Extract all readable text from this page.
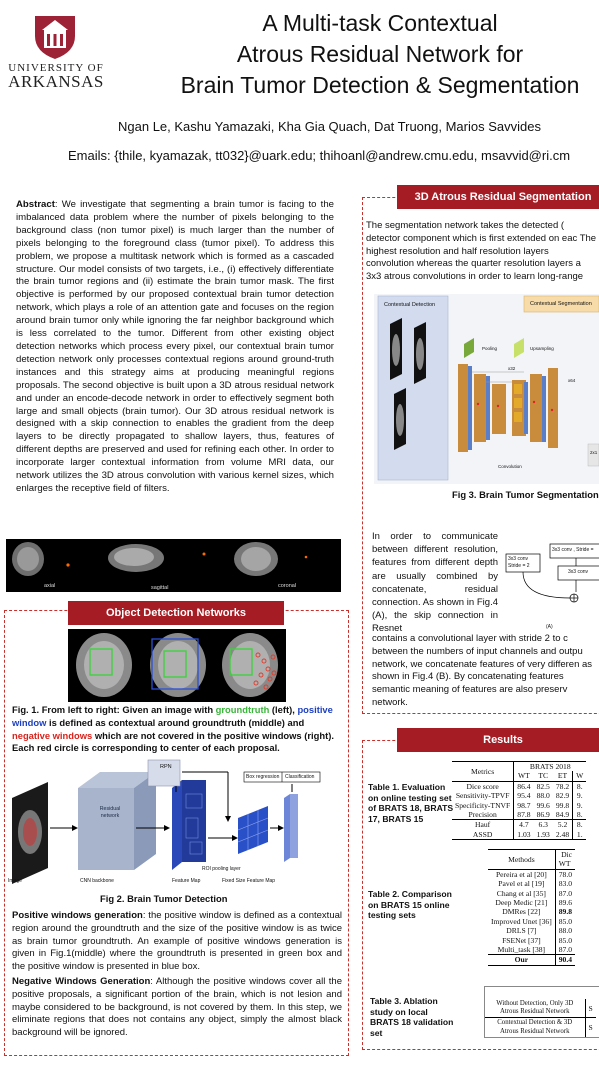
UNIVERSITY OF
ARKANSAS
A Multi-task Contextual
Atrous Residual Network for
Brain Tumor Detection & Segmentation
Ngan Le, Kashu Yamazaki, Kha Gia Quach, Dat Truong, Marios Savvides
Emails: {thile, kyamazak, tt032}@uark.edu; thihoanl@andrew.cmu.edu, msavvid@ri.cm
Abstract: We investigate that segmenting a brain tumor is facing to the imbalanced data problem where the number of pixels belonging to the background class (non tumor pixel) is much larger than the number of pixels belonging to the foreground class (tumor pixel). To address this problem, we propose a multitask network which is formed as a cascaded structure. Our model consists of two targets, i.e., (i) effectively differentiate the brain tumor regions and (ii) estimate the brain tumor mask. The first objective is performed by our proposed contextual brain tumor detection network, which plays a role of an attention gate and focuses on the region around brain tumor only while ignoring the far neighbor background which is less correlated to the tumor. Different from other existing object detection networks which process every pixel, our contextual brain tumor detection network only processes contextual regions around ground-truth instances and this strategy aims at producing meaningful regions proposals. The second objective is built upon a 3D atrous residual network and under an encode-decode network in order to effectively segment both large and small objects (brain tumor). Our 3D atrous residual network is designed with a skip connection to enables the gradient from the deep layers to be directly propagated to shallow layers, thus, features of different depths are preserved and used for refining each other. In order to incorporate larger contextual information from volume MRI data, our network utilizes the 3D atrous convolution with various kernel sizes, which enlarges the receptive field of filters.
axial	sagittal	coronal
Object Detection Networks
Fig. 1. From left to right: Given an image with groundtruth (left), positive window is defined as contextual around groundtruth (middle) and negative windows which are not covered in the positive windows (right). Each red circle is corresponding to center of each proposal.
RPN
Residual network
Box regression Classification
ROI pooling layer
Image	CNN backbone	Feature Map	Fixed Size Feature Map
Fig 2. Brain Tumor Detection
Positive windows generation: the positive window is defined as a contextual region around the groundtruth and the size of the positive window is as twice as brain tumor groundtruth. An example of positive windows generation is given in Fig.1(middle) where the groundtruth is presented in green box and the positive window is presented in blue box.
Negative Windows Generation: Although the positive windows cover all the positive proposals, a significant portion of the brain, which is not lesion and maybe considered to be background, is not covered by them. In this step, we eliminate regions that does not contains any object, simply the almost black background will be ignored.
3D Atrous Residual Segmentation
The segmentation network takes the detected ( detector component which is first extended on eac The highest resolution and half resolution layers convolution whereas the quarter resolution layers a 3x3 atrous convolutions in order to learn long-range
Contextual Detection	Contextual Segmentation
Pooling	Upsampling
x32
x64
Convolution
2x1
Fig 3. Brain Tumor Segmentation
In order to communicate between different resolution, features from different depth are usually combined by concatenate, residual connection. As shown in Fig.4 (A), the skip connection in Resnet
3x3 conv Stride = 2
3x3 conv , Stride =
3x3 conv
(A)
contains a convolutional layer with stride 2 to c between the numbers of input channels and outpu network, we concatenate features of very differen as shown in Fig.4 (B). By concatenating features semantic meaning of features are also preserv network.
Results
Table 1. Evaluation on online testing set of BRATS 18, BRATS 17, BRATS 15
Metrics	BRATS 2018			
	WT	TC	ET	W
Dice score	86.4	82.5	78.2	8.
Sensitivity-TPVF	95.4	88.0	82.9	9.
Specificity-TNVF	98.7	99.6	99.8	9.
Precision	87.8	86.9	84.9	8.
Hauf	4.7	6.3	5.2	8.
ASSD	1.03	1.93	2.48	1.
Table 2. Comparison on BRATS 15 online testing sets
Methods	Dic
	WT
Pereira et al [20]	78.0
Pavel et al [19]	83.0
Chang et al [35]	87.0
Deep Medic [21]	89.6
DMRes [22]	89.8
Improved Unet [36]	85.0
DRLS [7]	88.0
FSENet [37]	85.0
Multi_task [38]	87.0
Our	90.4
Table 3. Ablation study on local BRATS 18 validation set
Without Detection, Only 3D Atrous Residual Network	S
Contextual Detection & 3D Atrous Residual Network	S
